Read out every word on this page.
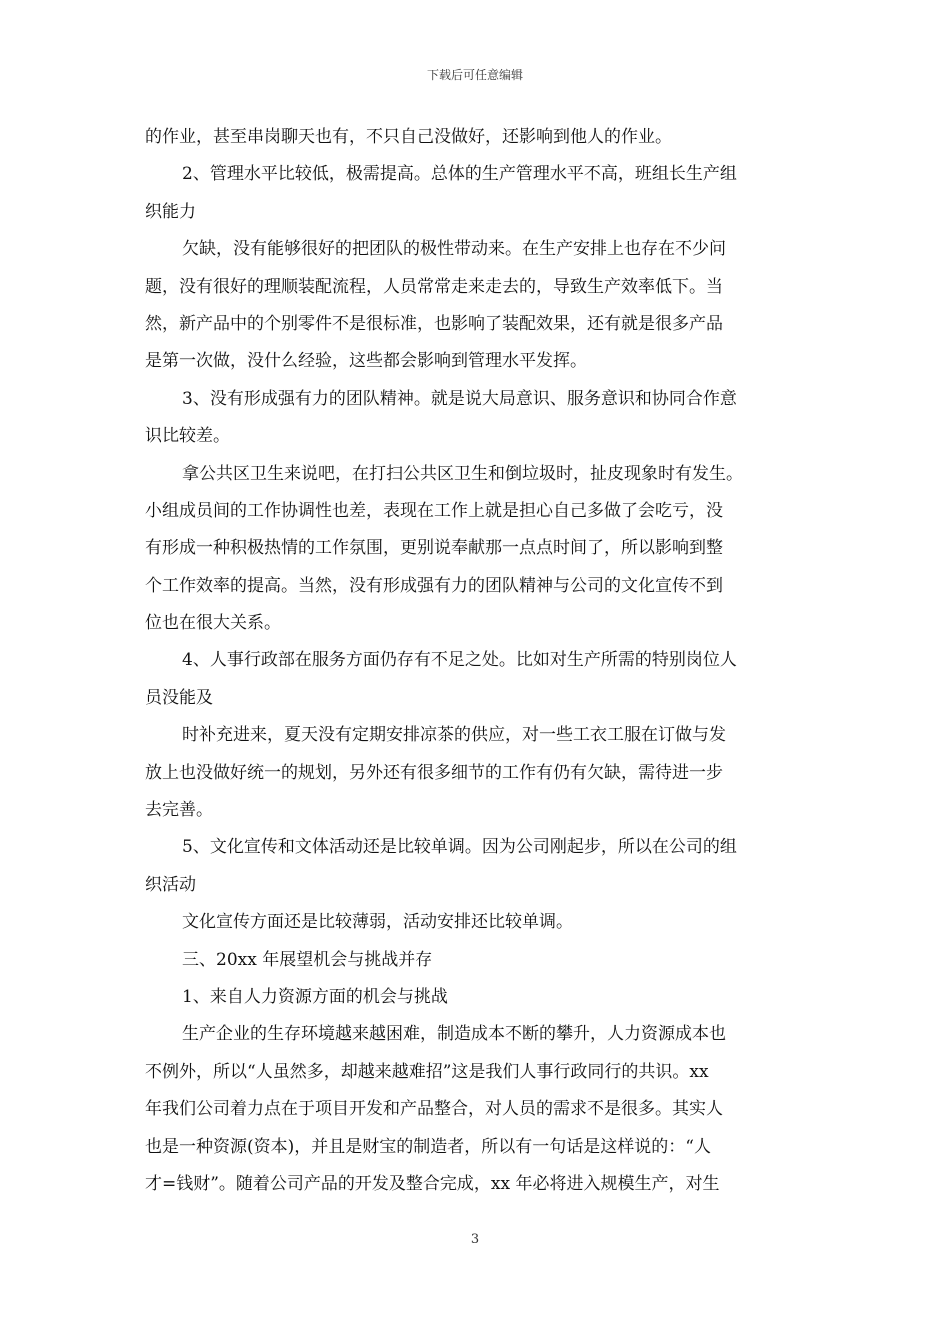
下载后可任意编辑
的作业，甚至串岗聊天也有，不只自己没做好，还影响到他人的作业。
2、管理水平比较低，极需提高。总体的生产管理水平不高，班组长生产组
织能力
欠缺，没有能够很好的把团队的极性带动来。在生产安排上也存在不少问
题，没有很好的理顺装配流程，人员常常走来走去的，导致生产效率低下。当
然，新产品中的个别零件不是很标准，也影响了装配效果，还有就是很多产品
是第一次做，没什么经验，这些都会影响到管理水平发挥。
3、没有形成强有力的团队精神。就是说大局意识、服务意识和协同合作意
识比较差。
拿公共区卫生来说吧，在打扫公共区卫生和倒垃圾时，扯皮现象时有发生。
小组成员间的工作协调性也差，表现在工作上就是担心自己多做了会吃亏，没
有形成一种积极热情的工作氛围，更别说奉献那一点点时间了，所以影响到整
个工作效率的提高。当然，没有形成强有力的团队精神与公司的文化宣传不到
位也在很大关系。
4、人事行政部在服务方面仍存有不足之处。比如对生产所需的特别岗位人
员没能及
时补充进来，夏天没有定期安排凉茶的供应，对一些工衣工服在订做与发
放上也没做好统一的规划，另外还有很多细节的工作有仍有欠缺，需待进一步
去完善。
5、文化宣传和文体活动还是比较单调。因为公司刚起步，所以在公司的组
织活动
文化宣传方面还是比较薄弱，活动安排还比较单调。
三、20xx 年展望机会与挑战并存
1、来自人力资源方面的机会与挑战
生产企业的生存环境越来越困难，制造成本不断的攀升，人力资源成本也
不例外，所以“人虽然多，却越来越难招”这是我们人事行政同行的共识。xx
年我们公司着力点在于项目开发和产品整合，对人员的需求不是很多。其实人
也是一种资源(资本)，并且是财宝的制造者，所以有一句话是这样说的：“人
才=钱财”。随着公司产品的开发及整合完成，xx 年必将进入规模生产，对生
3
